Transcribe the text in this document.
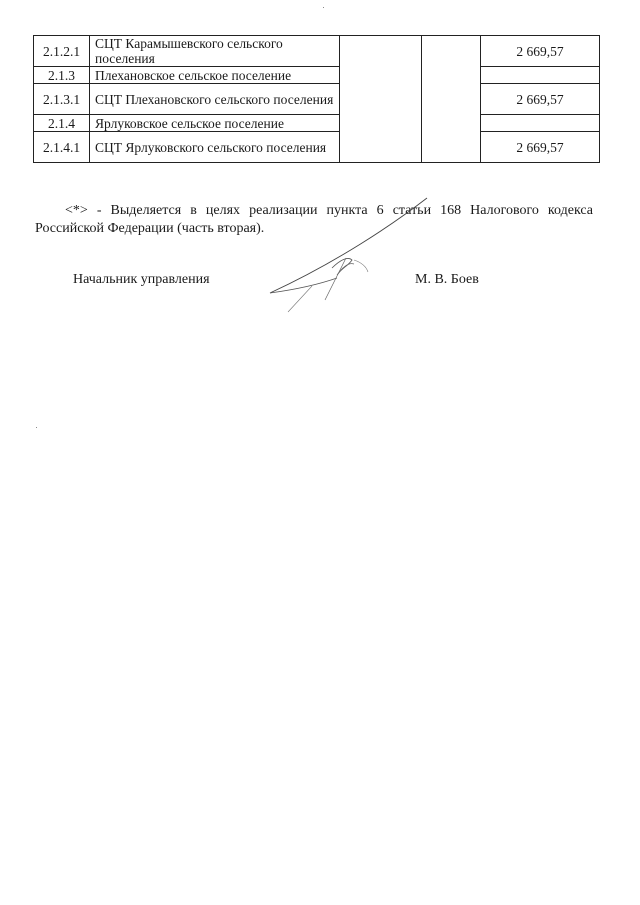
2.1.2.1	СЦТ Карамышевского сельского поселения			2 669,57
2.1.3	Плехановское сельское поселение			
2.1.3.1	СЦТ Плехановского сельского поселения			2 669,57
2.1.4	Ярлуковское сельское поселение			
2.1.4.1	СЦТ Ярлуковского сельского поселения			2 669,57

<*> - Выделяется в целях реализации пункта 6 статьи 168 Налогового кодекса Российской Федерации (часть вторая).

Начальник управления	М. В. Боев
